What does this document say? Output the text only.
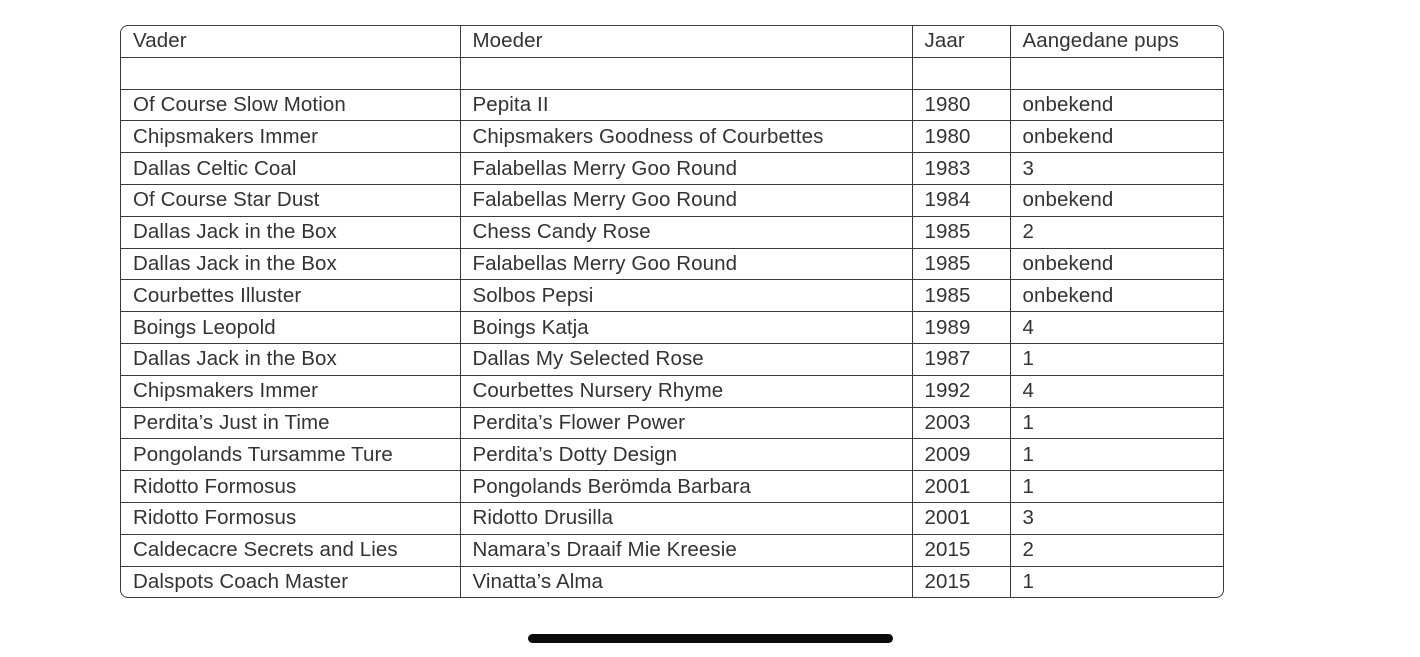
Vader	Moeder	Jaar	Aangedane pups

Of Course Slow Motion	Pepita II	1980	onbekend
Chipsmakers Immer	Chipsmakers Goodness of Courbettes	1980	onbekend
Dallas Celtic Coal	Falabellas Merry Goo Round	1983	3
Of Course Star Dust	Falabellas Merry Goo Round	1984	onbekend
Dallas Jack in the Box	Chess Candy Rose	1985	2
Dallas Jack in the Box	Falabellas Merry Goo Round	1985	onbekend
Courbettes Illuster	Solbos Pepsi	1985	onbekend
Boings Leopold	Boings Katja	1989	4
Dallas Jack in the Box	Dallas My Selected Rose	1987	1
Chipsmakers Immer	Courbettes Nursery Rhyme	1992	4
Perdita’s Just in Time	Perdita’s Flower Power	2003	1
Pongolands Tursamme Ture	Perdita’s Dotty Design	2009	1
Ridotto Formosus	Pongolands Berömda Barbara	2001	1
Ridotto Formosus	Ridotto Drusilla	2001	3
Caldecacre Secrets and Lies	Namara’s Draaif Mie Kreesie	2015	2
Dalspots Coach Master	Vinatta’s Alma	2015	1
